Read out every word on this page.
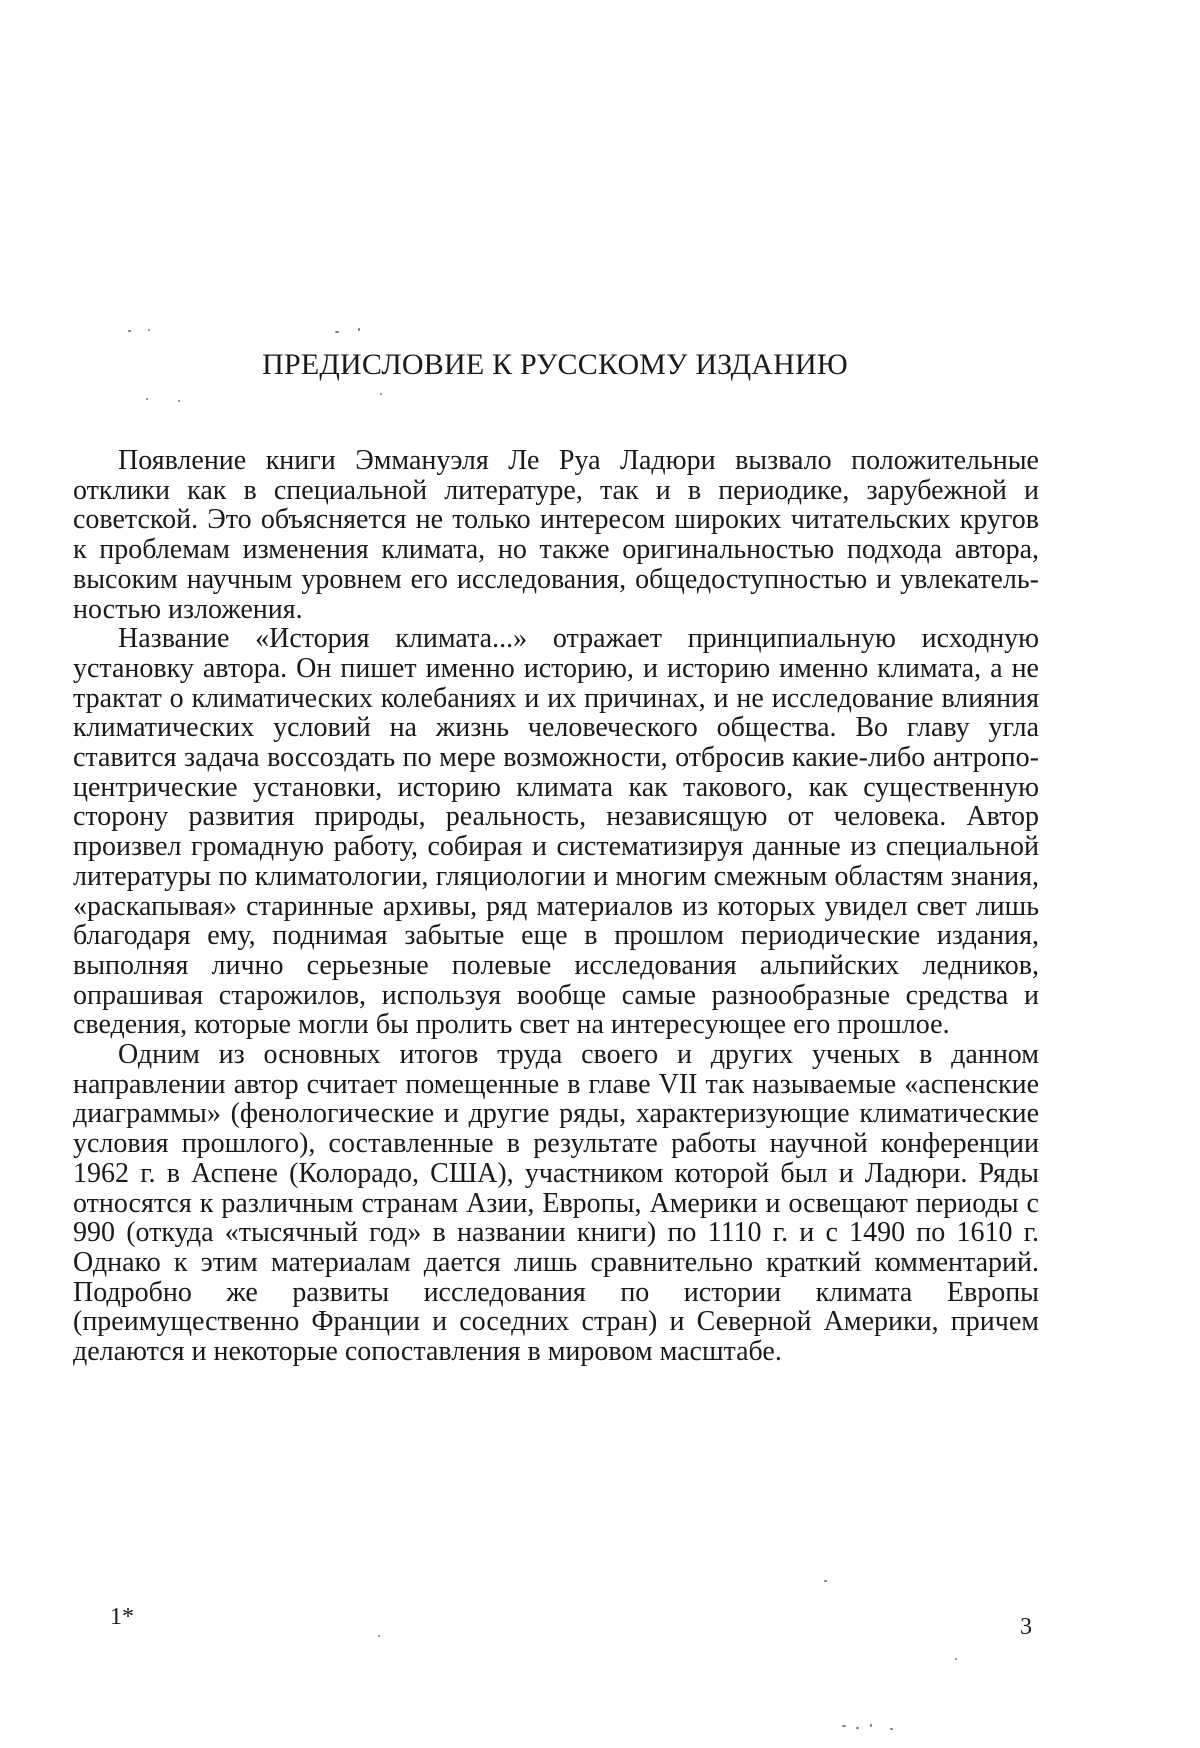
ПРЕДИСЛОВИЕ К РУССКОМУ ИЗДАНИЮ

Появление книги Эммануэля Ле Руа Ладюри вызвало поло­жительные отклики как в специальной литературе, так и в перио­дике, зарубежной и советской. Это объясняется не только инте­ресом широких читательских кругов к проблемам изменения климата, но также оригинальностью подхода автора, высоким науч­ным уровнем его исследования, общедоступностью и увлекатель­ностью изложения.

Название «История климата...» отражает принципиальную исходную установку автора. Он пишет именно историю, и историю именно климата, а не трактат о климатических колебаниях и их причинах, и не исследование влияния климатических условий на жизнь человеческого общества. Во главу угла ставится задача воссоздать по мере возможности, отбросив какие-либо антропо­центрические установки, историю климата как такового, как суще­ственную сторону развития природы, реальность, независящую от человека. Автор произвел громадную работу, собирая и системати­зируя данные из специальной литературы по климатологии, гля­циологии и многим смежным областям знания, «раскапывая» ста­ринные архивы, ряд материалов из которых увидел свет лишь благодаря ему, поднимая забытые еще в прошлом периодические издания, выполняя лично серьезные полевые исследования аль­пийских ледников, опрашивая старожилов, используя вообще са­мые разнообразные средства и сведения, которые могли бы про­лить свет на интересующее его прошлое.

Одним из основных итогов труда своего и других ученых в дан­ном направлении автор считает помещенные в главе VII так называемые «аспенские диаграммы» (фенологические и другие ряды, характеризующие климатические условия прошлого), соста­вленные в результате работы научной конференции 1962 г. в Аспене (Колорадо, США), участником которой был и Ладюри. Ряды относятся к различным странам Азии, Европы, Америки и освещают периоды с 990 (откуда «тысячный год» в названии книги) по 1110 г. и с 1490 по 1610 г. Однако к этим материалам дается лишь сравнительно краткий комментарий. Подробно же развиты исследования по истории климата Европы (преимущественно Франции и соседних стран) и Северной Америки, причем делаются и некоторые сопоставления в мировом масштабе.

1*	3
